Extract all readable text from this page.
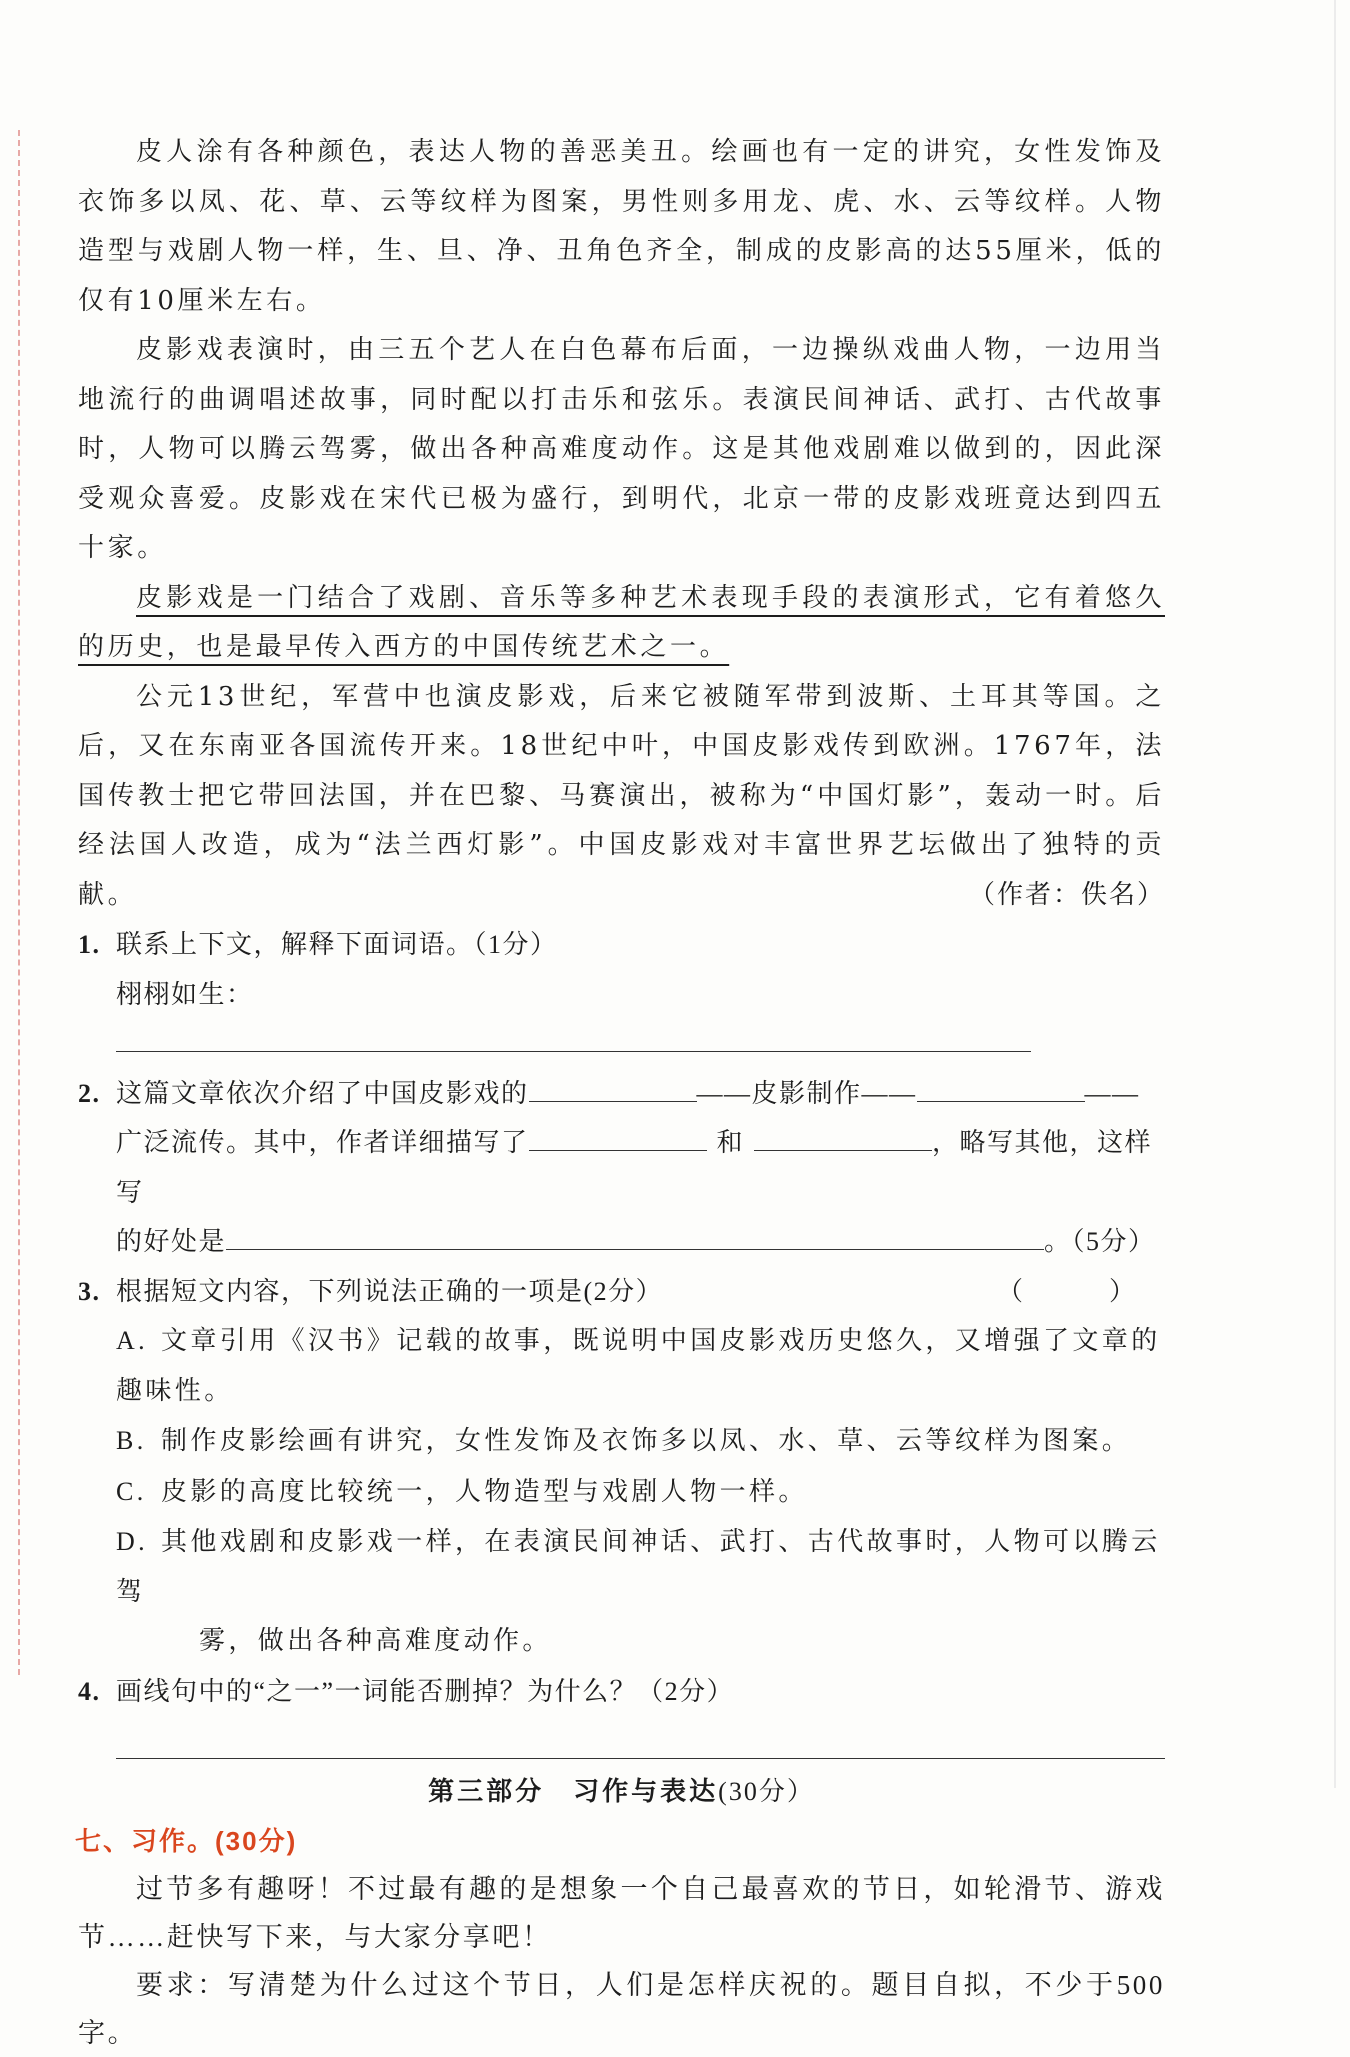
皮人涂有各种颜色，表达人物的善恶美丑。绘画也有一定的讲究，女性发饰及衣饰多以凤、花、草、云等纹样为图案，男性则多用龙、虎、水、云等纹样。人物造型与戏剧人物一样，生、旦、净、丑角色齐全，制成的皮影高的达55厘米，低的仅有10厘米左右。

皮影戏表演时，由三五个艺人在白色幕布后面，一边操纵戏曲人物，一边用当地流行的曲调唱述故事，同时配以打击乐和弦乐。表演民间神话、武打、古代故事时，人物可以腾云驾雾，做出各种高难度动作。这是其他戏剧难以做到的，因此深受观众喜爱。皮影戏在宋代已极为盛行，到明代，北京一带的皮影戏班竟达到四五十家。

皮影戏是一门结合了戏剧、音乐等多种艺术表现手段的表演形式，它有着悠久的历史，也是最早传入西方的中国传统艺术之一。

公元13世纪，军营中也演皮影戏，后来它被随军带到波斯、土耳其等国。之后，又在东南亚各国流传开来。18世纪中叶，中国皮影戏传到欧洲。1767年，法国传教士把它带回法国，并在巴黎、马赛演出，被称为“中国灯影”，轰动一时。后经法国人改造，成为“法兰西灯影”。中国皮影戏对丰富世界艺坛做出了独特的贡献。	（作者：佚名）

1. 联系上下文，解释下面词语。（1分）

栩栩如生：

2. 这篇文章依次介绍了中国皮影戏的	——皮影制作——	——

广泛流传。其中，作者详细描写了	和	，略写其他，这样写

的好处是	。（5分）

3. 根据短文内容，下列说法正确的一项是(2分）	（　）

A. 文章引用《汉书》记载的故事，既说明中国皮影戏历史悠久，又增强了文章的趣味性。

B. 制作皮影绘画有讲究，女性发饰及衣饰多以凤、水、草、云等纹样为图案。

C. 皮影的高度比较统一，人物造型与戏剧人物一样。

D. 其他戏剧和皮影戏一样，在表演民间神话、武打、古代故事时，人物可以腾云驾

雾，做出各种高难度动作。

4. 画线句中的“之一”一词能否删掉？为什么？（2分）

第三部分　习作与表达(30分）

七、习作。(30分)

过节多有趣呀！不过最有趣的是想象一个自己最喜欢的节日，如轮滑节、游戏节……赶快写下来，与大家分享吧！

要求：写清楚为什么过这个节日，人们是怎样庆祝的。题目自拟，不少于500字。
